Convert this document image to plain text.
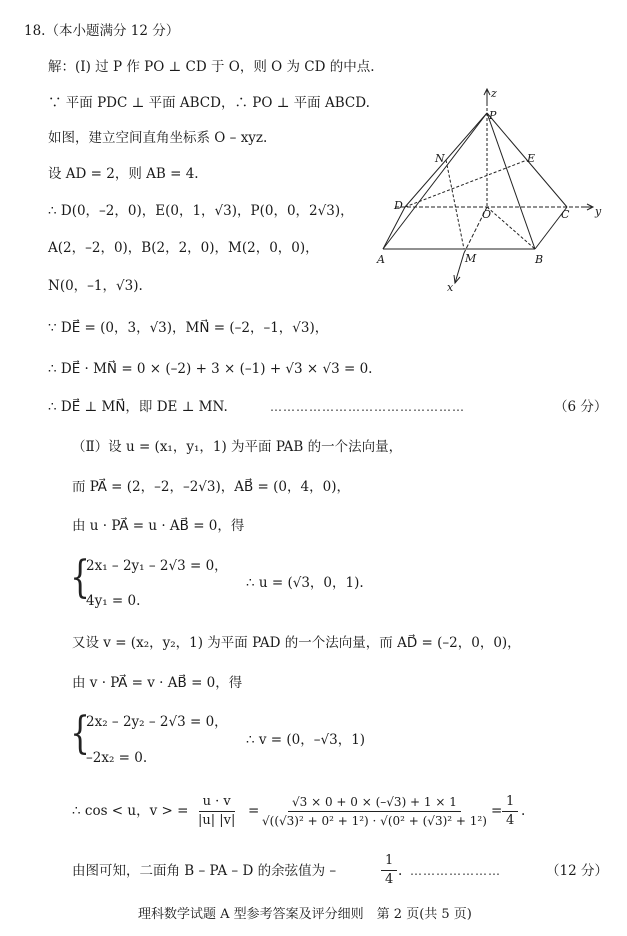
18.（本小题满分 12 分）
解：(Ⅰ) 过 P 作 PO ⊥ CD 于 O，则 O 为 CD 的中点.
∵ 平面 PDC ⊥ 平面 ABCD，∴ PO ⊥ 平面 ABCD.
如图，建立空间直角坐标系 O – xyz.
设 AD = 2，则 AB = 4.
∴ D(0，–2，0)，E(0，1，√3)，P(0，0，2√3)，
A(2，–2，0)，B(2，2，0)，M(2，0，0)，
N(0，–1，√3).
∵ DE⃗ = (0，3，√3)，MN⃗ = (–2，–1，√3)，
∴ DE⃗ · MN⃗ = 0 × (–2) + 3 × (–1) + √3 × √3 = 0.
∴ DE⃗ ⊥ MN⃗，即 DE ⊥ MN.	………………………………………	（6 分）
z
P
N	E
D
O	C y
A	M	B
x
（Ⅱ）设 u = (x₁，y₁，1) 为平面 PAB 的一个法向量，
而 PA⃗ = (2，–2，–2√3)，AB⃗ = (0，4，0)，
由 u · PA⃗ = u · AB⃗ = 0，得
{
2x₁ – 2y₁ – 2√3 = 0，
4y₁ = 0.
∴ u = (√3，0，1).
又设 v = (x₂，y₂，1) 为平面 PAD 的一个法向量，而 AD⃗ = (–2，0，0)，
由 v · PA⃗ = v · AB⃗ = 0，得
{
2x₂ – 2y₂ – 2√3 = 0，
–2x₂ = 0.
∴ v = (0，–√3，1)
∴ cos < u，v > = $\frac{u \cdot v}{|u| |v|} = \frac{√3 \times 0 + 0 \times (-√3) + 1 \times 1}{\text{√((√3)² + 0² + 1²) · √(0² + (√3)² + 1²)}} = \frac{1}{4}$ .
由图可知，二面角 B – PA – D 的余弦值为 –	$\frac{1}{4}$ . …………………	（12 分）
理科数学试题 A 型参考答案及评分细则　第 2 页(共 5 页)
